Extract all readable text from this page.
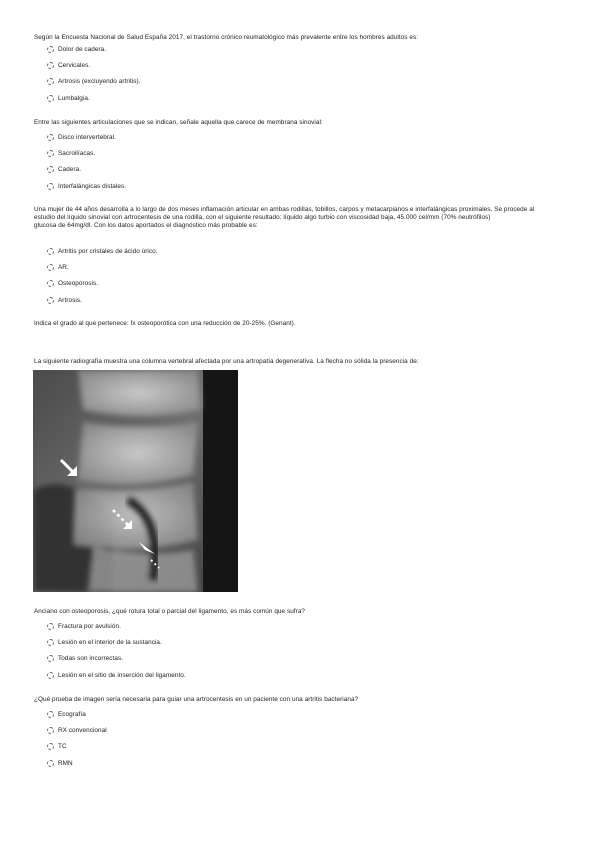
Según la Encuesta Nacional de Salud España 2017, el trastorno crónico reumatológico más prevalente entre los hombres adultos es:
Dolor de cadera.
Cervicales.
Artrosis (excluyendo artritis).
Lumbalgia.
Entre las siguientes articulaciones que se indican, señale aquella que carece de membrana sinovial:
Disco intervertebral.
Sacroilíacas.
Cadera.
Interfalángicas distales.
Una mujer de 44 años desarrolla a lo largo de dos meses inflamación articular en ambas rodillas, tobillos, carpos y metacarpianos e interfalángicas proximales. Se procede al
estudio del líquido sinovial con artrocentesis de una rodilla, con el siguiente resultado: líquido algo turbio con viscosidad baja, 45.000 cel/mm (70% neutrófilos)
glucosa de 64mg/dl. Con los datos aportados el diagnóstico más probable es:
Artritis por cristales de ácido úrico.
AR.
Osteoporosis.
Artrosis.
Indica el grado al que pertenece: fx osteoporótica con una reducción de 20-25%. (Genant).
La siguiente radiografía muestra una columna vertebral afectada por una artropatía degenerativa. La flecha no sólida la presencia de:
Anciano con osteoporosis, ¿qué rotura total o parcial del ligamento, es más común que sufra?
Fractura por avulsión.
Lesión en el interior de la sustancia.
Todas son incorrectas.
Lesión en el sitio de inserción del ligamento.
¿Qué prueba de imagen sería necesaria para guiar una artrocentesis en un paciente con una artritis bacteriana?
Ecografía
RX convencional
TC
RMN
